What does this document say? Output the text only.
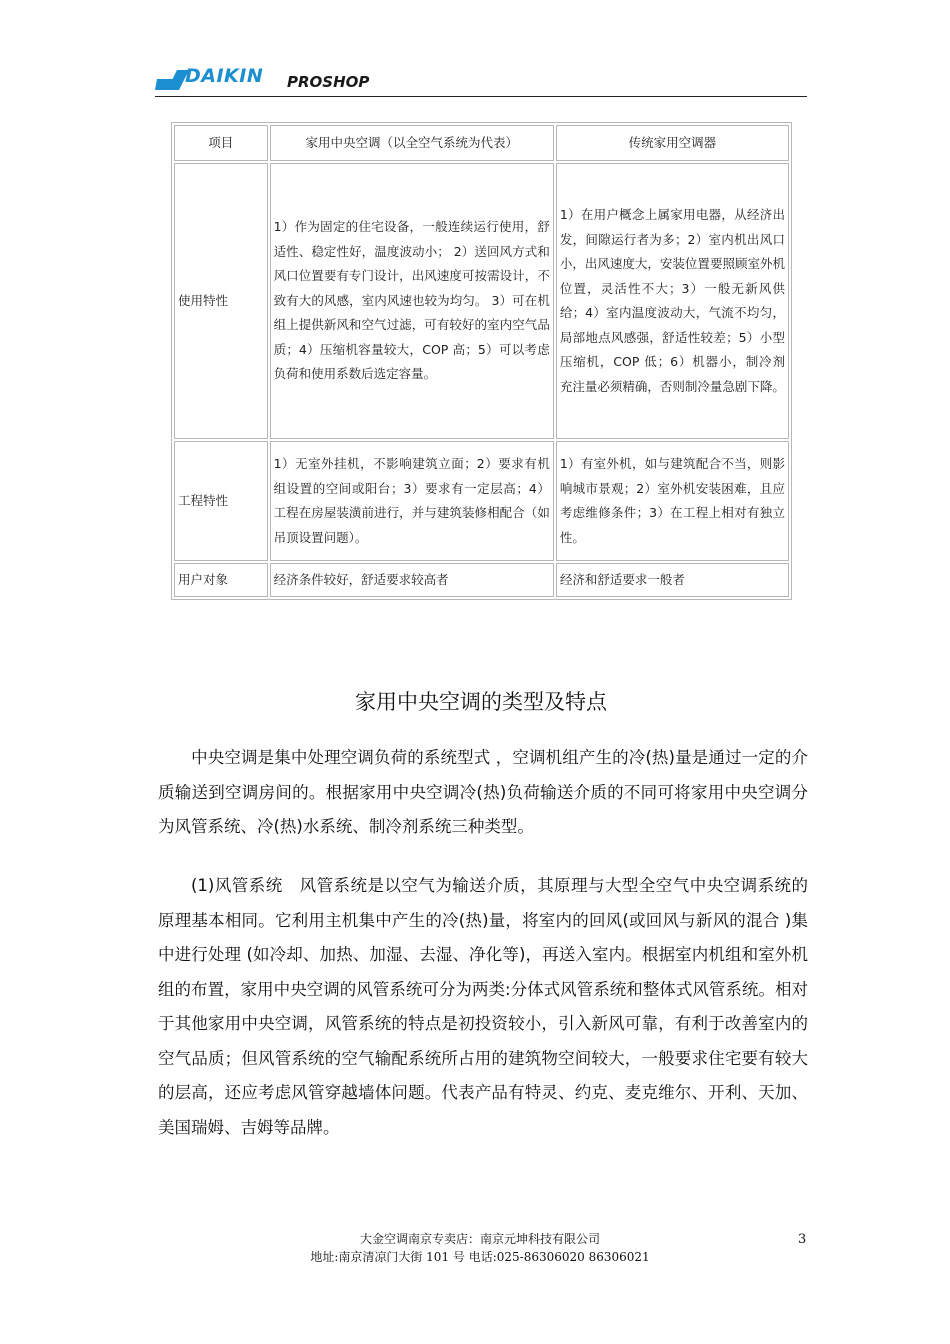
DAIKIN PROSHOP
项目	家用中央空调（以全空气系统为代表）	传统家用空调器
使用特性	1）作为固定的住宅设备，一般连续运行使用，舒适性、稳定性好，温度波动小； 2）送回风方式和风口位置要有专门设计，出风速度可按需设计，不致有大的风感，室内风速也较为均匀。 3）可在机组上提供新风和空气过滤，可有较好的室内空气品质；4）压缩机容量较大，COP 高；5）可以考虑负荷和使用系数后选定容量。	1）在用户概念上属家用电器，从经济出发，间隙运行者为多；2）室内机出风口小，出风速度大，安装位置要照顾室外机位置，灵活性不大；3）一般无新风供给；4）室内温度波动大，气流不均匀，局部地点风感强，舒适性较差；5）小型压缩机，COP 低；6）机器小，制冷剂充注量必须精确，否则制冷量急剧下降。
工程特性	1）无室外挂机，不影响建筑立面；2）要求有机组设置的空间或阳台；3）要求有一定层高；4）工程在房屋装潢前进行，并与建筑装修相配合（如吊顶设置问题）。	1）有室外机，如与建筑配合不当，则影响城市景观；2）室外机安装困难，且应考虑维修条件；3）在工程上相对有独立性。
用户对象	经济条件较好，舒适要求较高者	经济和舒适要求一般者
家用中央空调的类型及特点
中央空调是集中处理空调负荷的系统型式 ，空调机组产生的冷(热)量是通过一定的介质输送到空调房间的。根据家用中央空调冷(热)负荷输送介质的不同可将家用中央空调分为风管系统、冷(热)水系统、制冷剂系统三种类型。
(1)风管系统　风管系统是以空气为输送介质，其原理与大型全空气中央空调系统的原理基本相同。它利用主机集中产生的冷(热)量，将室内的回风(或回风与新风的混合 )集中进行处理 (如冷却、加热、加湿、去湿、净化等)，再送入室内。根据室内机组和室外机组的布置，家用中央空调的风管系统可分为两类:分体式风管系统和整体式风管系统。相对于其他家用中央空调，风管系统的特点是初投资较小，引入新风可靠，有利于改善室内的空气品质；但风管系统的空气输配系统所占用的建筑物空间较大，一般要求住宅要有较大的层高，还应考虑风管穿越墙体问题。代表产品有特灵、约克、麦克维尔、开利、天加、美国瑞姆、吉姆等品牌。
大金空调南京专卖店：南京元坤科技有限公司
地址:南京清凉门大街 101 号 电话:025-86306020 86306021
3
